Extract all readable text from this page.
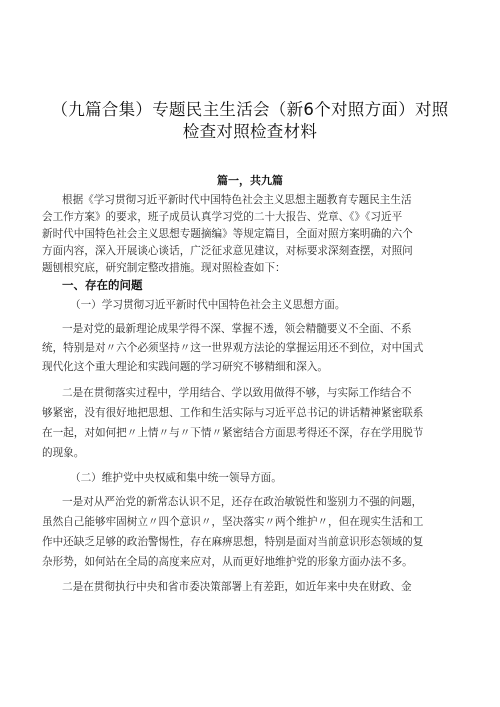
（九篇合集）专题民主生活会（新6个对照方面）对照
检查对照检查材料
篇一，共九篇
根据《学习贯彻习近平新时代中国特色社会主义思想主题教育专题民主生活
会工作方案》的要求，班子成员认真学习党的二十大报告、党章、《》《习近平
新时代中国特色社会主义思想专题摘编》等规定篇目，全面对照方案明确的六个
方面内容，深入开展谈心谈话，广泛征求意见建议，对标要求深刻查摆，对照问
题刨根究底，研究制定整改措施。现对照检查如下：
一、存在的问题
（一）学习贯彻习近平新时代中国特色社会主义思想方面。
一是对党的最新理论成果学得不深、掌握不透，领会精髓要义不全面、不系
统，特别是对〃六个必须坚持〃这一世界观方法论的掌握运用还不到位，对中国式
现代化这个重大理论和实践问题的学习研究不够精细和深入。
二是在贯彻落实过程中，学用结合、学以致用做得不够，与实际工作结合不
够紧密，没有很好地把思想、工作和生活实际与习近平总书记的讲话精神紧密联系
在一起，对如何把〃上情〃与〃下情〃紧密结合方面思考得还不深，存在学用脱节
的现象。
（二）维护党中央权威和集中统一领导方面。
一是对从严治党的新常态认识不足，还存在政治敏锐性和鉴别力不强的问题，
虽然自己能够牢固树立〃四个意识〃，坚决落实〃两个维护〃，但在现实生活和工
作中还缺乏足够的政治警惕性，存在麻痹思想，特别是面对当前意识形态领域的复
杂形势，如何站在全局的高度来应对，从而更好地维护党的形象方面办法不多。
二是在贯彻执行中央和省市委决策部署上有差距，如近年来中央在财政、金
